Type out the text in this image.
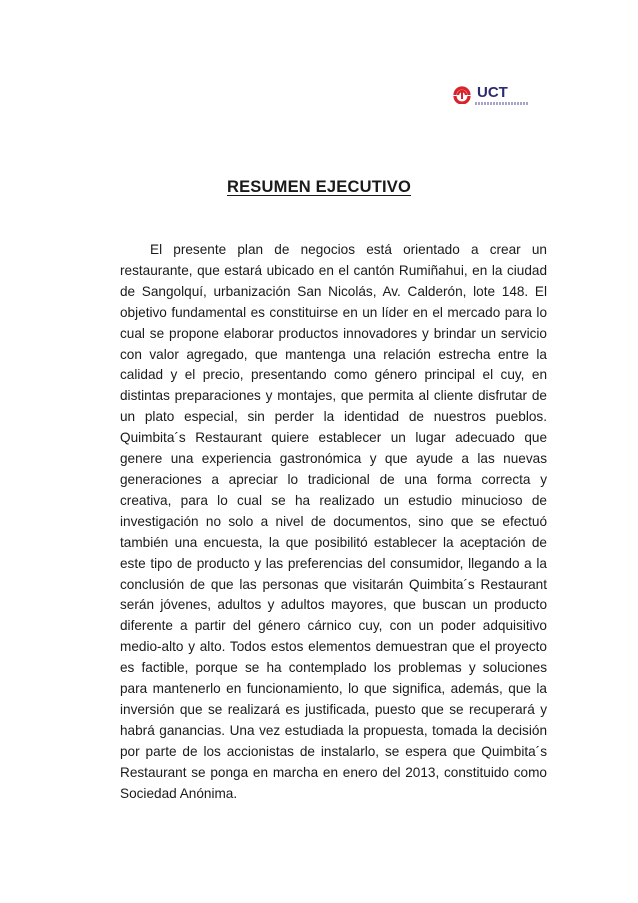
UCT
RESUMEN EJECUTIVO

El presente plan de negocios está orientado a crear un restaurante, que estará ubicado en el cantón Rumiñahui, en la ciudad de Sangolquí, urbanización San Nicolás, Av. Calderón, lote 148. El objetivo fundamental es constituirse en un líder en el mercado para lo cual se propone elaborar productos innovadores y brindar un servicio con valor agregado, que mantenga una relación estrecha entre la calidad y el precio, presentando como género principal el cuy, en distintas preparaciones y montajes, que permita al cliente disfrutar de un plato especial, sin perder la identidad de nuestros pueblos. Quimbita´s Restaurant quiere establecer un lugar adecuado que genere una experiencia gastronómica y que ayude a las nuevas generaciones a apreciar lo tradicional de una forma correcta y creativa, para lo cual se ha realizado un estudio minucioso de investigación no solo a nivel de documentos, sino que se efectuó también una encuesta, la que posibilitó establecer la aceptación de este tipo de producto y las preferencias del consumidor, llegando a la conclusión de que las personas que visitarán Quimbita´s Restaurant serán jóvenes, adultos y adultos mayores, que buscan un producto diferente a partir del género cárnico cuy, con un poder adquisitivo medio-alto y alto. Todos estos elementos demuestran que el proyecto es factible, porque se ha contemplado los problemas y soluciones para mantenerlo en funcionamiento, lo que significa, además, que la inversión que se realizará es justificada, puesto que se recuperará y habrá ganancias. Una vez estudiada la propuesta, tomada la decisión por parte de los accionistas de instalarlo, se espera que Quimbita´s Restaurant se ponga en marcha en enero del 2013, constituido como Sociedad Anónima.
